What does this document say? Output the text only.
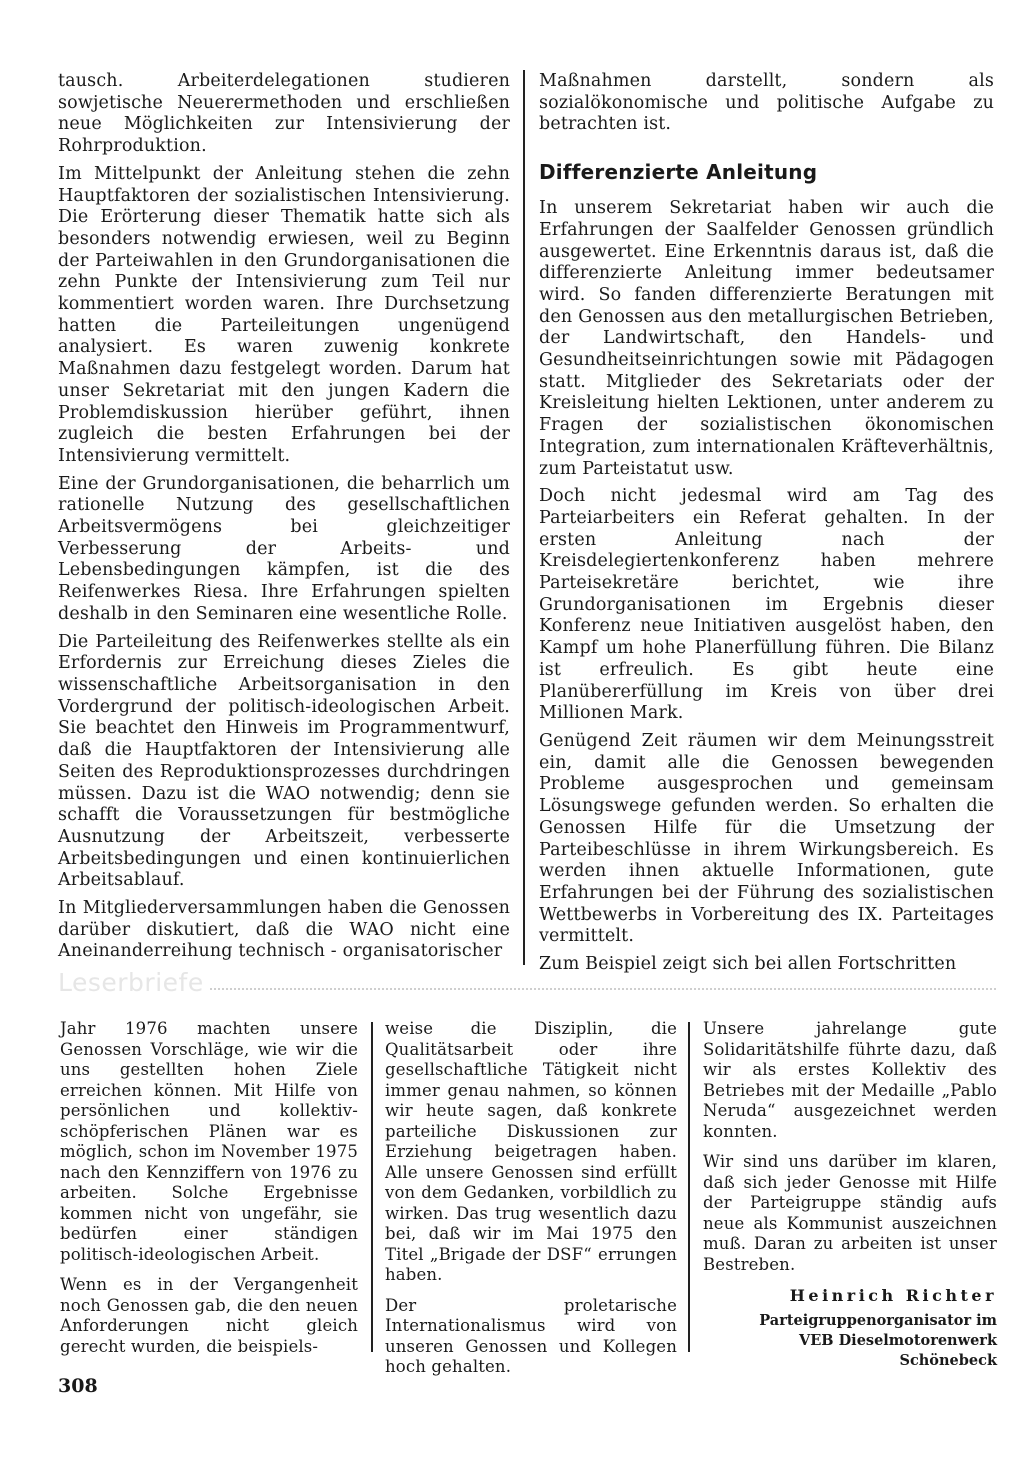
tausch. Arbeiterdelegationen studieren sowjetische Neuerermethoden und erschließen neue Möglichkeiten zur Intensivierung der Rohrproduktion.

Im Mittelpunkt der Anleitung stehen die zehn Hauptfaktoren der sozialistischen Intensivierung. Die Erörterung dieser Thematik hatte sich als besonders notwendig erwiesen, weil zu Beginn der Parteiwahlen in den Grundorganisationen die zehn Punkte der Intensivierung zum Teil nur kommentiert worden waren. Ihre Durchsetzung hatten die Parteileitungen ungenügend analysiert. Es waren zuwenig konkrete Maßnahmen dazu festgelegt worden. Darum hat unser Sekretariat mit den jungen Kadern die Problemdiskussion hierüber geführt, ihnen zugleich die besten Erfahrungen bei der Intensivierung vermittelt.

Eine der Grundorganisationen, die beharrlich um rationelle Nutzung des gesellschaftlichen Arbeitsvermögens bei gleichzeitiger Verbesserung der Arbeits- und Lebensbedingungen kämpfen, ist die des Reifenwerkes Riesa. Ihre Erfahrungen spielten deshalb in den Seminaren eine wesentliche Rolle.

Die Parteileitung des Reifenwerkes stellte als ein Erfordernis zur Erreichung dieses Zieles die wissenschaftliche Arbeitsorganisation in den Vordergrund der politisch-ideologischen Arbeit. Sie beachtet den Hinweis im Programmentwurf, daß die Hauptfaktoren der Intensivierung alle Seiten des Reproduktionsprozesses durchdringen müssen. Dazu ist die WAO notwendig; denn sie schafft die Voraussetzungen für bestmögliche Ausnutzung der Arbeitszeit, verbesserte Arbeitsbedingungen und einen kontinuierlichen Arbeitsablauf.

In Mitgliederversammlungen haben die Genossen darüber diskutiert, daß die WAO nicht eine Aneinanderreihung technisch - organisatorischer

Maßnahmen darstellt, sondern als sozialökonomische und politische Aufgabe zu betrachten ist.

Differenzierte Anleitung

In unserem Sekretariat haben wir auch die Erfahrungen der Saalfelder Genossen gründlich ausgewertet. Eine Erkenntnis daraus ist, daß die differenzierte Anleitung immer bedeutsamer wird. So fanden differenzierte Beratungen mit den Genossen aus den metallurgischen Betrieben, der Landwirtschaft, den Handels- und Gesundheitseinrichtungen sowie mit Pädagogen statt. Mitglieder des Sekretariats oder der Kreisleitung hielten Lektionen, unter anderem zu Fragen der sozialistischen ökonomischen Integration, zum internationalen Kräfteverhältnis, zum Parteistatut usw.

Doch nicht jedesmal wird am Tag des Parteiarbeiters ein Referat gehalten. In der ersten Anleitung nach der Kreisdelegiertenkonferenz haben mehrere Parteisekretäre berichtet, wie ihre Grundorganisationen im Ergebnis dieser Konferenz neue Initiativen ausgelöst haben, den Kampf um hohe Planerfüllung führen. Die Bilanz ist erfreulich. Es gibt heute eine Planübererfüllung im Kreis von über drei Millionen Mark.

Genügend Zeit räumen wir dem Meinungsstreit ein, damit alle die Genossen bewegenden Probleme ausgesprochen und gemeinsam Lösungswege gefunden werden. So erhalten die Genossen Hilfe für die Umsetzung der Parteibeschlüsse in ihrem Wirkungsbereich. Es werden ihnen aktuelle Informationen, gute Erfahrungen bei der Führung des sozialistischen Wettbewerbs in Vorbereitung des IX. Parteitages vermittelt.

Zum Beispiel zeigt sich bei allen Fortschritten

Leserbriefe

Jahr 1976 machten unsere Genossen Vorschläge, wie wir die uns gestellten hohen Ziele erreichen können. Mit Hilfe von persönlichen und kollektiv-schöpferischen Plänen war es möglich, schon im November 1975 nach den Kennziffern von 1976 zu arbeiten. Solche Ergebnisse kommen nicht von ungefähr, sie bedürfen einer ständigen politisch-ideologischen Arbeit.

Wenn es in der Vergangenheit noch Genossen gab, die den neuen Anforderungen nicht gleich gerecht wurden, die beispiels-

weise die Disziplin, die Qualitätsarbeit oder ihre gesellschaftliche Tätigkeit nicht immer genau nahmen, so können wir heute sagen, daß konkrete parteiliche Diskussionen zur Erziehung beigetragen haben. Alle unsere Genossen sind erfüllt von dem Gedanken, vorbildlich zu wirken. Das trug wesentlich dazu bei, daß wir im Mai 1975 den Titel „Brigade der DSF“ errungen haben.

Der proletarische Internationalismus wird von unseren Genossen und Kollegen hoch gehalten.

Unsere jahrelange gute Solidaritätshilfe führte dazu, daß wir als erstes Kollektiv des Betriebes mit der Medaille „Pablo Neruda“ ausgezeichnet werden konnten.

Wir sind uns darüber im klaren, daß sich jeder Genosse mit Hilfe der Parteigruppe ständig aufs neue als Kommunist auszeichnen muß. Daran zu arbeiten ist unser Bestreben.

Heinrich Richter
Parteigruppenorganisator im
VEB Dieselmotorenwerk
Schönebeck
308
